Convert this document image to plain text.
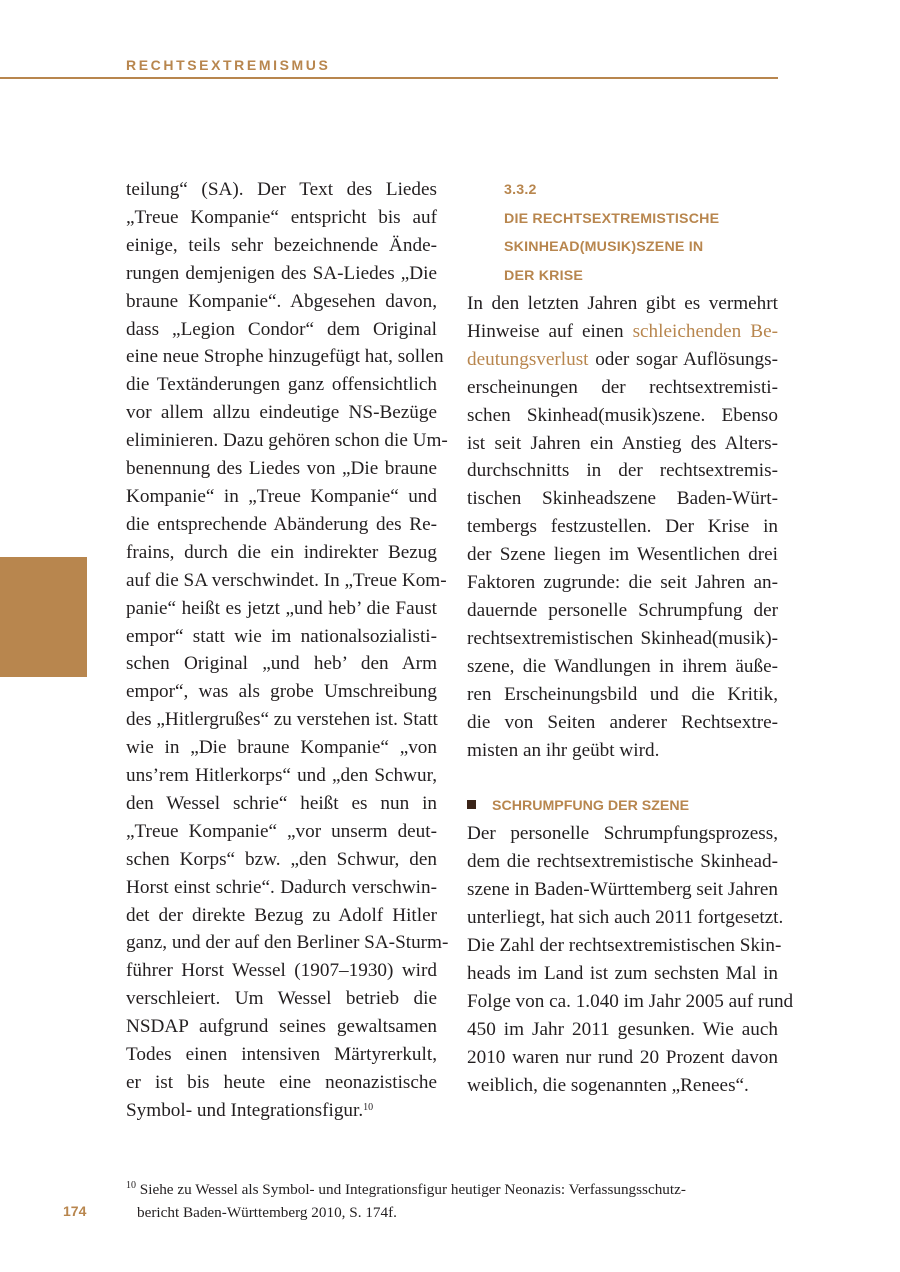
RECHTSEXTREMISMUS

teilung“ (SA). Der Text des Liedes
„Treue Kompanie“ entspricht bis auf
einige, teils sehr bezeichnende Ände-
rungen demjenigen des SA-Liedes „Die
braune Kompanie“. Abgesehen davon,
dass „Legion Condor“ dem Original
eine neue Strophe hinzugefügt hat, sollen
die Textänderungen ganz offensichtlich
vor allem allzu eindeutige NS-Bezüge
eliminieren. Dazu gehören schon die Um-
benennung des Liedes von „Die braune
Kompanie“ in „Treue Kompanie“ und
die entsprechende Abänderung des Re-
frains, durch die ein indirekter Bezug
auf die SA verschwindet. In „Treue Kom-
panie“ heißt es jetzt „und heb’ die Faust
empor“ statt wie im nationalsozialisti-
schen Original „und heb’ den Arm
empor“, was als grobe Umschreibung
des „Hitlergrußes“ zu verstehen ist. Statt
wie in „Die braune Kompanie“ „von
uns’rem Hitlerkorps“ und „den Schwur,
den Wessel schrie“ heißt es nun in
„Treue Kompanie“ „vor unserm deut-
schen Korps“ bzw. „den Schwur, den
Horst einst schrie“. Dadurch verschwin-
det der direkte Bezug zu Adolf Hitler
ganz, und der auf den Berliner SA-Sturm-
führer Horst Wessel (1907–1930) wird
verschleiert. Um Wessel betrieb die
NSDAP aufgrund seines gewaltsamen
Todes einen intensiven Märtyrerkult,
er ist bis heute eine neonazistische
Symbol- und Integrationsfigur.$^{10}$

3.3.2
DIE RECHTSEXTREMISTISCHE
SKINHEAD(MUSIK)SZENE IN
DER KRISE

In den letzten Jahren gibt es vermehrt
Hinweise auf einen schleichenden Be-
deutungsverlust oder sogar Auflösungs-
erscheinungen der rechtsextremisti-
schen Skinhead(musik)szene. Ebenso
ist seit Jahren ein Anstieg des Alters-
durchschnitts in der rechtsextremis-
tischen Skinheadszene Baden-Würt-
tembergs festzustellen. Der Krise in
der Szene liegen im Wesentlichen drei
Faktoren zugrunde: die seit Jahren an-
dauernde personelle Schrumpfung der
rechtsextremistischen Skinhead(musik)-
szene, die Wandlungen in ihrem äuße-
ren Erscheinungsbild und die Kritik,
die von Seiten anderer Rechtsextre-
misten an ihr geübt wird.

SCHRUMPFUNG DER SZENE

Der personelle Schrumpfungsprozess,
dem die rechtsextremistische Skinhead-
szene in Baden-Württemberg seit Jahren
unterliegt, hat sich auch 2011 fortgesetzt.
Die Zahl der rechtsextremistischen Skin-
heads im Land ist zum sechsten Mal in
Folge von ca. 1.040 im Jahr 2005 auf rund
450 im Jahr 2011 gesunken. Wie auch
2010 waren nur rund 20 Prozent davon
weiblich, die sogenannten „Renees“.

$^{10}$ Siehe zu Wessel als Symbol- und Integrationsfigur heutiger Neonazis: Verfassungsschutz-
bericht Baden-Württemberg 2010, S. 174f.
174
